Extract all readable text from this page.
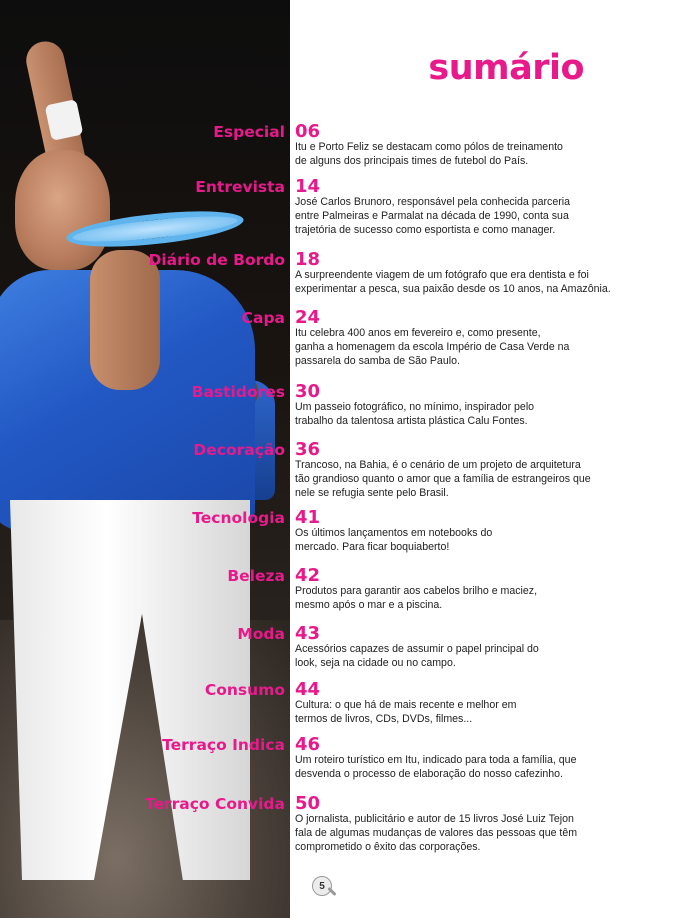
sumário
Especial 06
Itu e Porto Feliz se destacam como pólos de treinamento
de alguns dos principais times de futebol do País.
Entrevista 14
José Carlos Brunoro, responsável pela conhecida parceria
entre Palmeiras e Parmalat na década de 1990, conta sua
trajetória de sucesso como esportista e como manager.
Diário de Bordo 18
A surpreendente viagem de um fotógrafo que era dentista e foi
experimentar a pesca, sua paixão desde os 10 anos, na Amazônia.
Capa 24
Itu celebra 400 anos em fevereiro e, como presente,
ganha a homenagem da escola Império de Casa Verde na
passarela do samba de São Paulo.
Bastidores 30
Um passeio fotográfico, no mínimo, inspirador pelo
trabalho da talentosa artista plástica Calu Fontes.
Decoração 36
Trancoso, na Bahia, é o cenário de um projeto de arquitetura
tão grandioso quanto o amor que a família de estrangeiros que
nele se refugia sente pelo Brasil.
Tecnologia 41
Os últimos lançamentos em notebooks do
mercado. Para ficar boquiaberto!
Beleza 42
Produtos para garantir aos cabelos brilho e maciez,
mesmo após o mar e a piscina.
Moda 43
Acessórios capazes de assumir o papel principal do
look, seja na cidade ou no campo.
Consumo 44
Cultura: o que há de mais recente e melhor em
termos de livros, CDs, DVDs, filmes...
Terraço Indica 46
Um roteiro turístico em Itu, indicado para toda a família, que
desvenda o processo de elaboração do nosso cafezinho.
Terraço Convida 50
O jornalista, publicitário e autor de 15 livros José Luiz Tejon
fala de algumas mudanças de valores das pessoas que têm
comprometido o êxito das corporações.
5
